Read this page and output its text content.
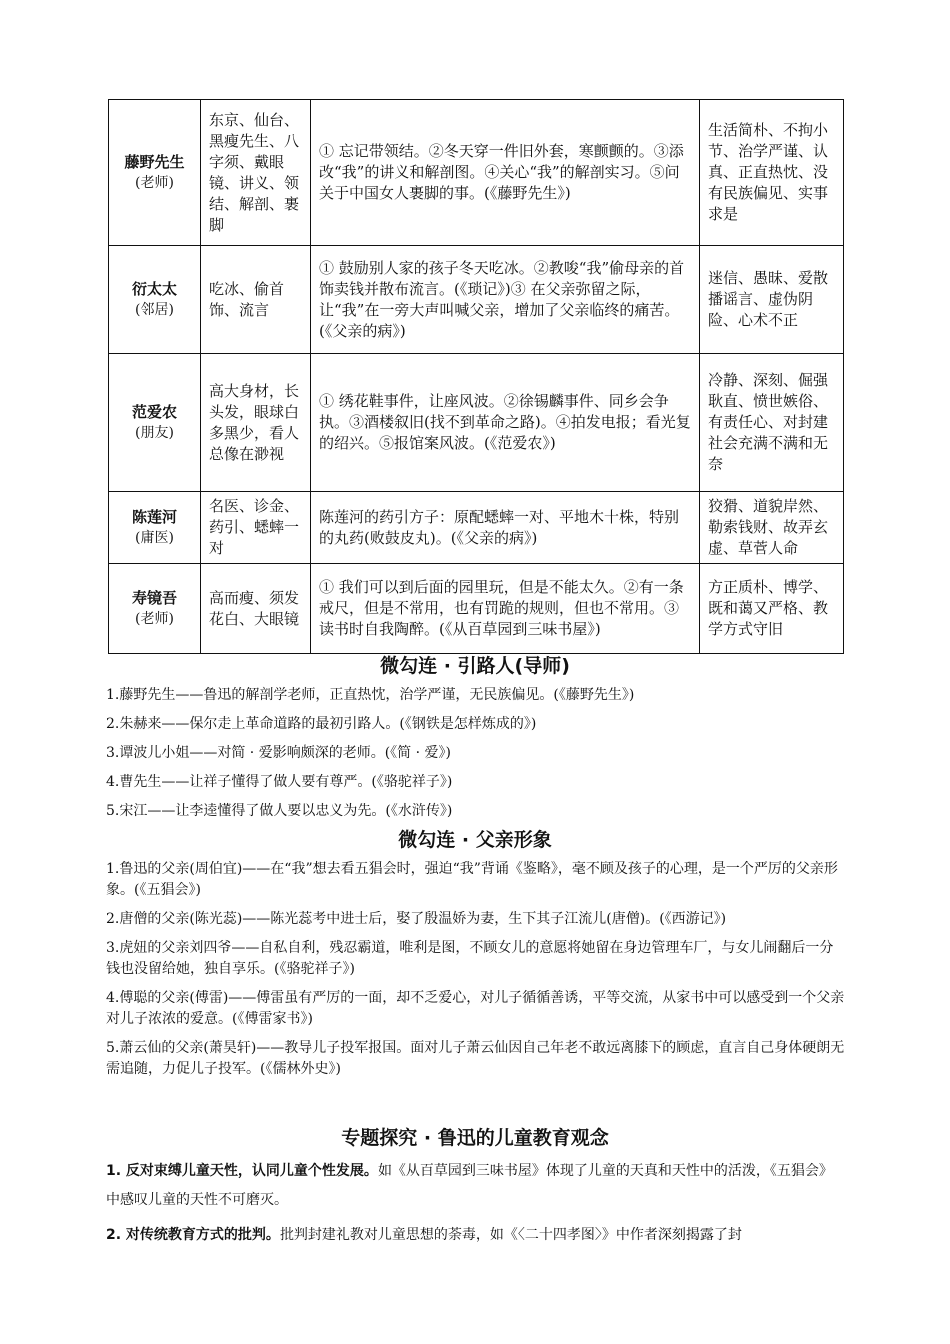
藤野先生
(老师)	东京、仙台、黑瘦先生、八字须、戴眼镜、讲义、领结、解剖、裹脚	① 忘记带领结。②冬天穿一件旧外套，寒颤颤的。③添改“我”的讲义和解剖图。④关心“我”的解剖实习。⑤问关于中国女人裹脚的事。(《藤野先生》)	生活简朴、不拘小节、治学严谨、认真、正直热忱、没有民族偏见、实事求是

衍太太
(邻居)	吃冰、偷首饰、流言	① 鼓励别人家的孩子冬天吃冰。②教唆“我”偷母亲的首饰卖钱并散布流言。(《琐记》)③ 在父亲弥留之际，让“我”在一旁大声叫喊父亲，增加了父亲临终的痛苦。(《父亲的病》)	迷信、愚昧、爱散播谣言、虚伪阴险、心术不正

范爱农
(朋友)	高大身材，长头发，眼球白多黑少，看人总像在渺视	① 绣花鞋事件，让座风波。②徐锡麟事件、同乡会争执。③酒楼叙旧(找不到革命之路)。④拍发电报；看光复的绍兴。⑤报馆案风波。(《范爱农》)	冷静、深刻、倔强耿直、愤世嫉俗、有责任心、对封建社会充满不满和无奈

陈莲河
(庸医)	名医、诊金、药引、蟋蟀一对	陈莲河的药引方子：原配蟋蟀一对、平地木十株，特别的丸药(败鼓皮丸)。(《父亲的病》)	狡猾、道貌岸然、勒索钱财、故弄玄虚、草菅人命

寿镜吾
(老师)	高而瘦、须发花白、大眼镜	① 我们可以到后面的园里玩，但是不能太久。②有一条戒尺，但是不常用，也有罚跪的规则，但也不常用。③读书时自我陶醉。(《从百草园到三味书屋》)	方正质朴、博学、既和蔼又严格、教学方式守旧
微勾连 · 引路人(导师)

1.藤野先生——鲁迅的解剖学老师，正直热忱，治学严谨，无民族偏见。(《藤野先生》)

2.朱赫来——保尔走上革命道路的最初引路人。(《钢铁是怎样炼成的》)

3.谭波儿小姐——对简 · 爱影响颇深的老师。(《简 · 爱》)

4.曹先生——让祥子懂得了做人要有尊严。(《骆驼祥子》)

5.宋江——让李逵懂得了做人要以忠义为先。(《水浒传》)

微勾连 · 父亲形象

1.鲁迅的父亲(周伯宜)——在“我”想去看五猖会时，强迫“我”背诵《鉴略》，毫不顾及孩子的心理，是一个严厉的父亲形象。(《五猖会》)

2.唐僧的父亲(陈光蕊)——陈光蕊考中进士后，娶了殷温娇为妻，生下其子江流儿(唐僧)。(《西游记》)

3.虎妞的父亲刘四爷——自私自利，残忍霸道，唯利是图，不顾女儿的意愿将她留在身边管理车厂，与女儿闹翻后一分钱也没留给她，独自享乐。(《骆驼祥子》)

4.傅聪的父亲(傅雷)——傅雷虽有严厉的一面，却不乏爱心，对儿子循循善诱，平等交流，从家书中可以感受到一个父亲对儿子浓浓的爱意。(《傅雷家书》)

5.萧云仙的父亲(萧昊轩)——教导儿子投军报国。面对儿子萧云仙因自己年老不敢远离膝下的顾虑，直言自己身体硬朗无需追随，力促儿子投军。(《儒林外史》)

专题探究 · 鲁迅的儿童教育观念

1. 反对束缚儿童天性，认同儿童个性发展。如《从百草园到三味书屋》体现了儿童的天真和天性中的活泼，《五猖会》中感叹儿童的天性不可磨灭。

2. 对传统教育方式的批判。批判封建礼教对儿童思想的荼毒，如《〈二十四孝图〉》中作者深刻揭露了封
